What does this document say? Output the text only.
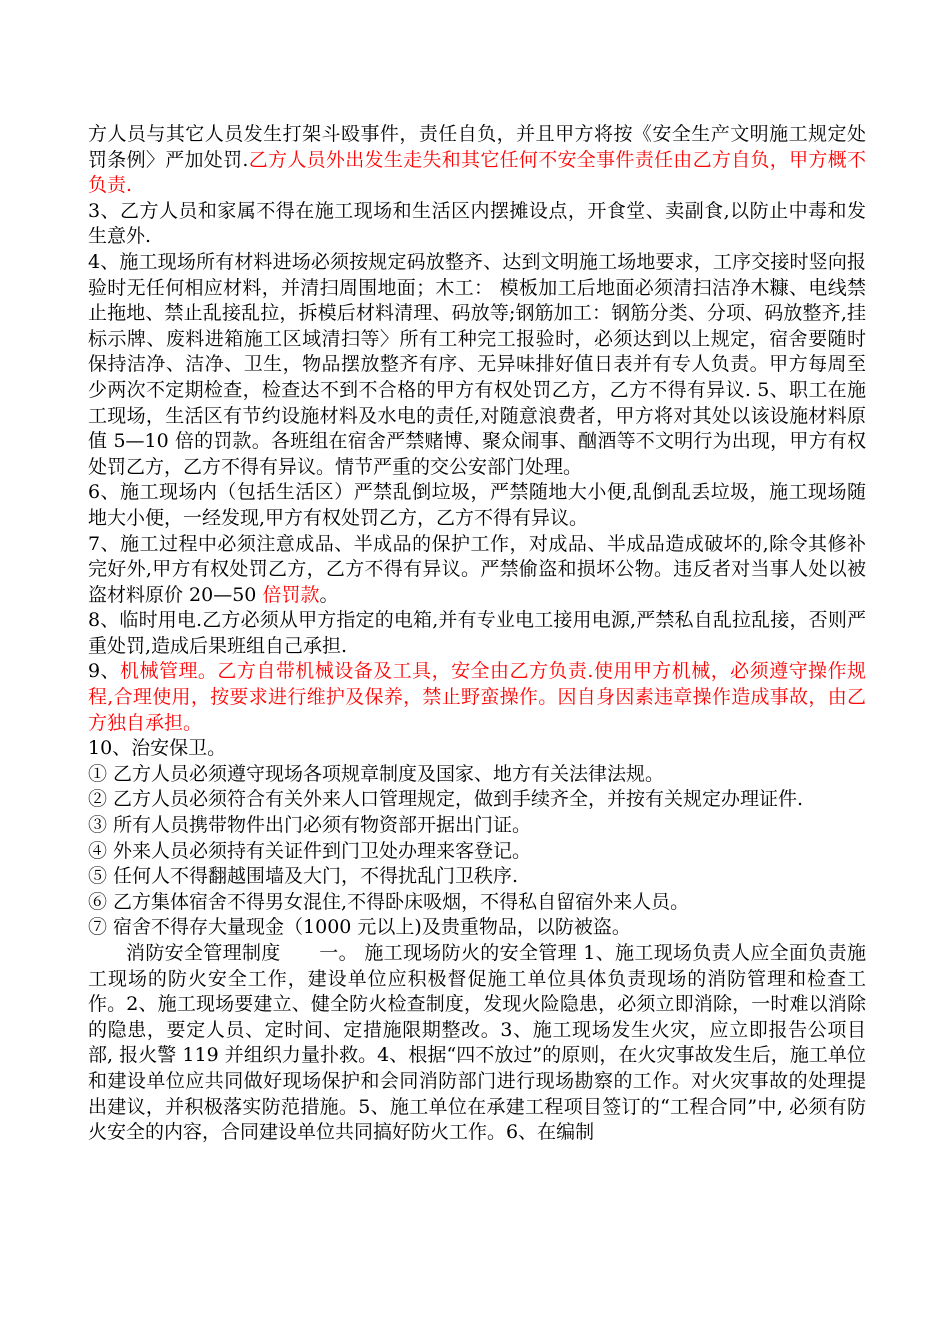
方人员与其它人员发生打架斗殴事件，责任自负，并且甲方将按《安全生产文明施工规定处罚条例〉严加处罚.乙方人员外出发生走失和其它任何不安全事件责任由乙方自负，甲方概不负责.

3、乙方人员和家属不得在施工现场和生活区内摆摊设点，开食堂、卖副食,以防止中毒和发生意外.

4、施工现场所有材料进场必须按规定码放整齐、达到文明施工场地要求，工序交接时竖向报验时无任何相应材料，并清扫周围地面；木工： 模板加工后地面必须清扫洁净木糠、电线禁止拖地、禁止乱接乱拉，拆模后材料清理、码放等;钢筋加工：钢筋分类、分项、码放整齐,挂标示牌、废料进箱施工区域清扫等〉所有工种完工报验时，必须达到以上规定，宿舍要随时保持洁净、洁净、卫生，物品摆放整齐有序、无异味排好值日表并有专人负责。甲方每周至少两次不定期检查，检查达不到不合格的甲方有权处罚乙方，乙方不得有异议. 5、职工在施工现场，生活区有节约设施材料及水电的责任,对随意浪费者，甲方将对其处以该设施材料原值 5—10 倍的罚款。各班组在宿舍严禁赌博、聚众闹事、酗酒等不文明行为出现，甲方有权处罚乙方，乙方不得有异议。情节严重的交公安部门处理。

6、施工现场内（包括生活区）严禁乱倒垃圾，严禁随地大小便,乱倒乱丢垃圾，施工现场随地大小便，一经发现,甲方有权处罚乙方，乙方不得有异议。

7、施工过程中必须注意成品、半成品的保护工作，对成品、半成品造成破坏的,除令其修补完好外,甲方有权处罚乙方，乙方不得有异议。严禁偷盗和损坏公物。违反者对当事人处以被盗材料原价 20—50 倍罚款。

8、临时用电.乙方必须从甲方指定的电箱,并有专业电工接用电源,严禁私自乱拉乱接，否则严重处罚,造成后果班组自己承担.

9、机械管理。乙方自带机械设备及工具，安全由乙方负责.使用甲方机械，必须遵守操作规程,合理使用，按要求进行维护及保养，禁止野蛮操作。因自身因素违章操作造成事故，由乙方独自承担。

10、治安保卫。

① 乙方人员必须遵守现场各项规章制度及国家、地方有关法律法规。

② 乙方人员必须符合有关外来人口管理规定，做到手续齐全，并按有关规定办理证件.

③ 所有人员携带物件出门必须有物资部开据出门证。

④ 外来人员必须持有关证件到门卫处办理来客登记。

⑤ 任何人不得翻越围墙及大门，不得扰乱门卫秩序.

⑥ 乙方集体宿舍不得男女混住,不得卧床吸烟，不得私自留宿外来人员。

⑦ 宿舍不得存大量现金（1000 元以上)及贵重物品，以防被盗。

消防安全管理制度　　一。 施工现场防火的安全管理 1、施工现场负责人应全面负责施工现场的防火安全工作，建设单位应积极督促施工单位具体负责现场的消防管理和检查工作。2、施工现场要建立、健全防火检查制度，发现火险隐患，必须立即消除，一时难以消除的隐患，要定人员、定时间、定措施限期整改。3、施工现场发生火灾，应立即报告公项目部, 报火警 119 并组织力量扑救。4、根据“四不放过”的原则，在火灾事故发生后，施工单位和建设单位应共同做好现场保护和会同消防部门进行现场勘察的工作。对火灾事故的处理提出建议，并积极落实防范措施。5、施工单位在承建工程项目签订的“工程合同”中, 必须有防火安全的内容，合同建设单位共同搞好防火工作。6、在编制
